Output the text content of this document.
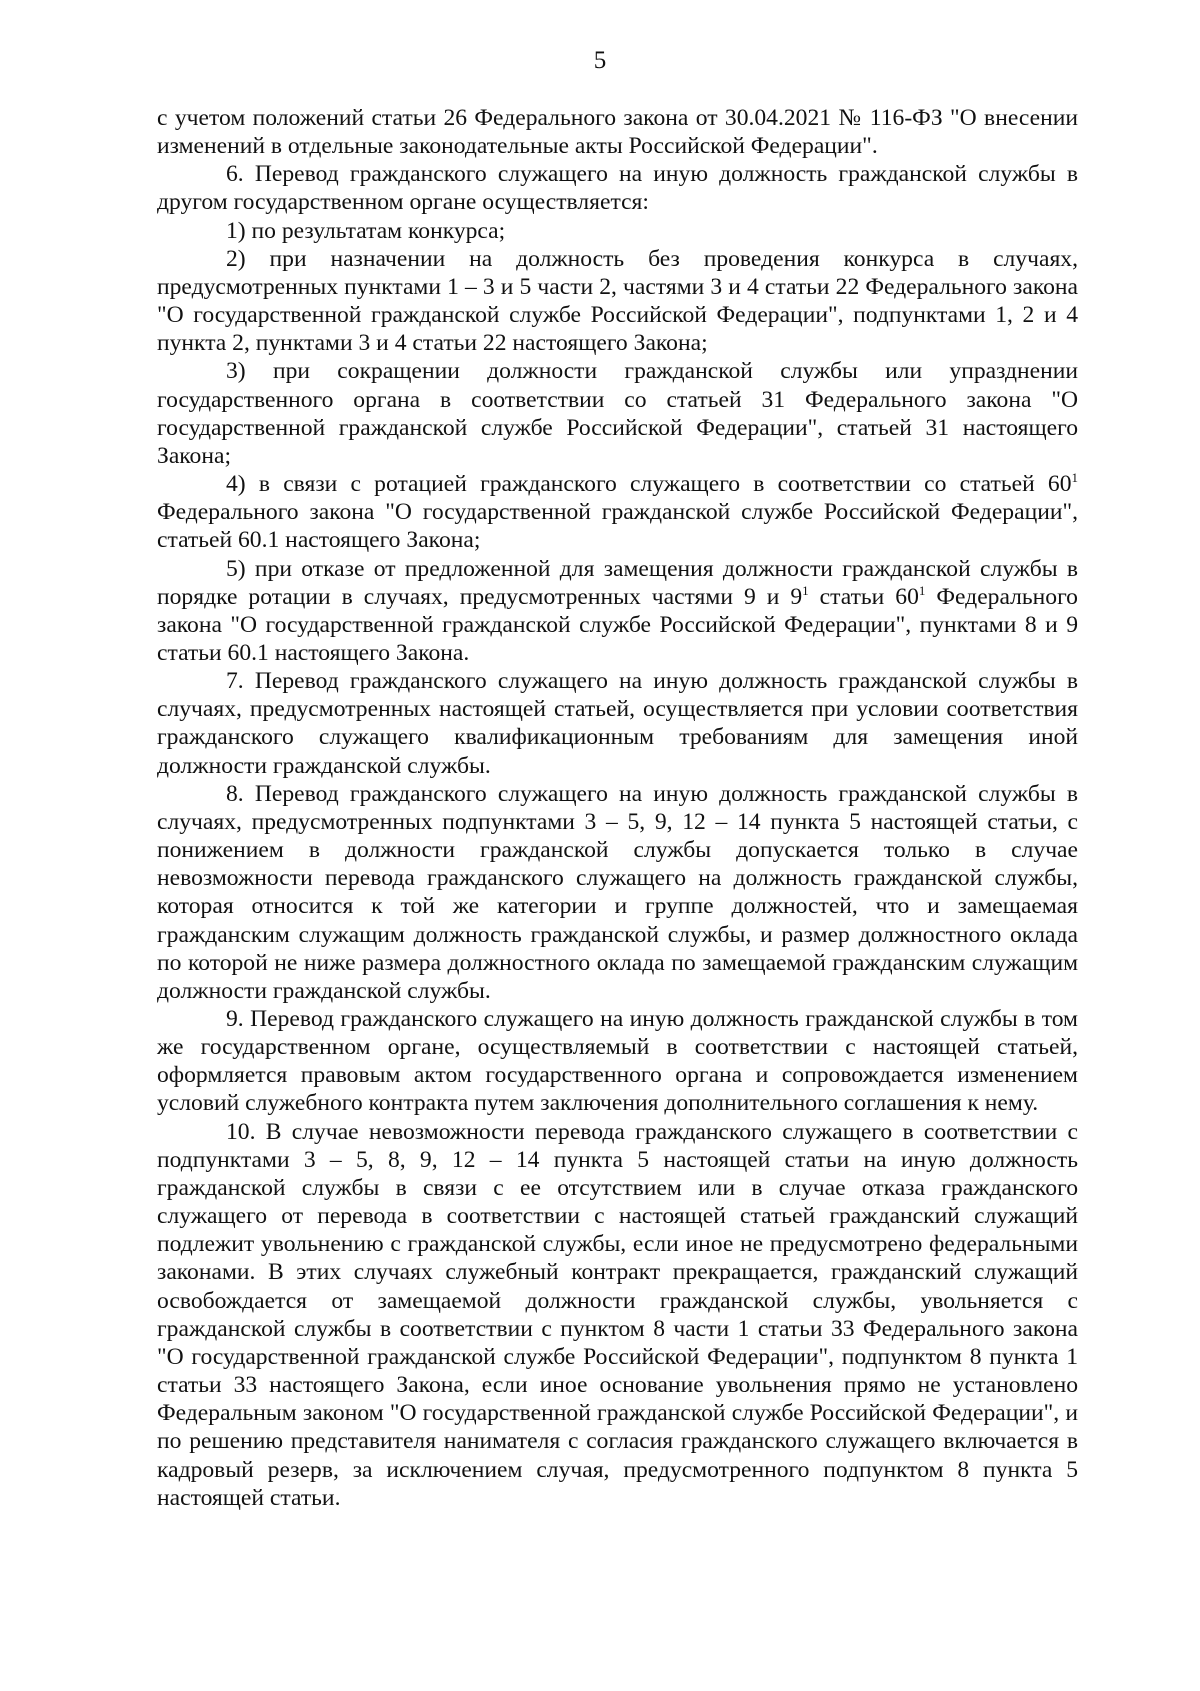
5

с учетом положений статьи 26 Федерального закона от 30.04.2021 № 116-ФЗ "О внесении изменений в отдельные законодательные акты Российской Федерации".

6. Перевод гражданского служащего на иную должность гражданской службы в другом государственном органе осуществляется:

1) по результатам конкурса;

2) при назначении на должность без проведения конкурса в случаях, предусмотренных пунктами 1 – 3 и 5 части 2, частями 3 и 4 статьи 22 Федерального закона "О государственной гражданской службе Российской Федерации", подпунктами 1, 2 и 4 пункта 2, пунктами 3 и 4 статьи 22 настоящего Закона;

3) при сокращении должности гражданской службы или упразднении государственного органа в соответствии со статьей 31 Федерального закона "О государственной гражданской службе Российской Федерации", статьей 31 настоящего Закона;

4) в связи с ротацией гражданского служащего в соответствии со статьей $60^1$ Федерального закона "О государственной гражданской службе Российской Федерации", статьей 60.1 настоящего Закона;

5) при отказе от предложенной для замещения должности гражданской службы в порядке ротации в случаях, предусмотренных частями 9 и $9^1$ статьи $60^1$ Федерального закона "О государственной гражданской службе Российской Федерации", пунктами 8 и 9 статьи 60.1 настоящего Закона.

7. Перевод гражданского служащего на иную должность гражданской службы в случаях, предусмотренных настоящей статьей, осуществляется при условии соответствия гражданского служащего квалификационным требованиям для замещения иной должности гражданской службы.

8. Перевод гражданского служащего на иную должность гражданской службы в случаях, предусмотренных подпунктами 3 – 5, 9, 12 – 14 пункта 5 настоящей статьи, с понижением в должности гражданской службы допускается только в случае невозможности перевода гражданского служащего на должность гражданской службы, которая относится к той же категории и группе должностей, что и замещаемая гражданским служащим должность гражданской службы, и размер должностного оклада по которой не ниже размера должностного оклада по замещаемой гражданским служащим должности гражданской службы.

9. Перевод гражданского служащего на иную должность гражданской службы в том же государственном органе, осуществляемый в соответствии с настоящей статьей, оформляется правовым актом государственного органа и сопровождается изменением условий служебного контракта путем заключения дополнительного соглашения к нему.

10. В случае невозможности перевода гражданского служащего в соответствии с подпунктами 3 – 5, 8, 9, 12 – 14 пункта 5 настоящей статьи на иную должность гражданской службы в связи с ее отсутствием или в случае отказа гражданского служащего от перевода в соответствии с настоящей статьей гражданский служащий подлежит увольнению с гражданской службы, если иное не предусмотрено федеральными законами. В этих случаях служебный контракт прекращается, гражданский служащий освобождается от замещаемой должности гражданской службы, увольняется с гражданской службы в соответствии с пунктом 8 части 1 статьи 33 Федерального закона "О государственной гражданской службе Российской Федерации", подпунктом 8 пункта 1 статьи 33 настоящего Закона, если иное основание увольнения прямо не установлено Федеральным законом "О государственной гражданской службе Российской Федерации", и по решению представителя нанимателя с согласия гражданского служащего включается в кадровый резерв, за исключением случая, предусмотренного подпунктом 8 пункта 5 настоящей статьи.
